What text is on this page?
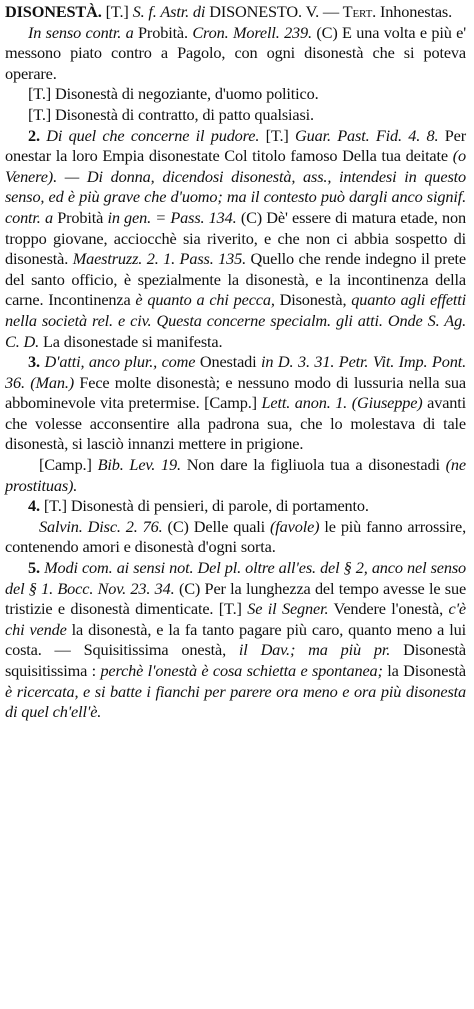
DISONESTÀ. [T.] S. f. Astr. di DISONESTO. V. — Tert. Inhonestas.

In senso contr. a Probità. Cron. Morell. 239. (C) E una volta e più e' messono piato contro a Pagolo, con ogni disonestà che si poteva operare.

[T.] Disonestà di negoziante, d'uomo politico.

[T.] Disonestà di contratto, di patto qualsiasi.

2. Di quel che concerne il pudore. [T.] Guar. Past. Fid. 4. 8. Per onestar la loro Empia disonestate Col titolo famoso Della tua deitate (o Venere). — Di donna, dicendosi disonestà, ass., intendesi in questo senso, ed è più grave che d'uomo; ma il contesto può dargli anco signif. contr. a Probità in gen. = Pass. 134. (C) Dè' essere di matura etade, non troppo giovane, acciocchè sia riverito, e che non ci abbia sospetto di disonestà. Maestruzz. 2. 1. Pass. 135. Quello che rende indegno il prete del santo officio, è spezialmente la disonestà, e la incontinenza della carne. Incontinenza è quanto a chi pecca, Disonestà, quanto agli effetti nella società rel. e civ. Questa concerne specialm. gli atti. Onde S. Ag. C. D. La disonestade si manifesta.

3. D'atti, anco plur., come Onestadi in D. 3. 31. Petr. Vit. Imp. Pont. 36. (Man.) Fece molte disonestà; e nessuno modo di lussuria nella sua abbominevole vita pretermise. [Camp.] Lett. anon. 1. (Giuseppe) avanti che volesse acconsentire alla padrona sua, che lo molestava di tale disonestà, si lasciò innanzi mettere in prigione.

[Camp.] Bib. Lev. 19. Non dare la figliuola tua a disonestadi (ne prostituas).

4. [T.] Disonestà di pensieri, di parole, di portamento.

Salvin. Disc. 2. 76. (C) Delle quali (favole) le più fanno arrossire, contenendo amori e disonestà d'ogni sorta.

5. Modi com. ai sensi not. Del pl. oltre all'es. del § 2, anco nel senso del § 1. Bocc. Nov. 23. 34. (C) Per la lunghezza del tempo avesse le sue tristizie e disonestà dimenticate. [T.] Se il Segner. Vendere l'onestà, c'è chi vende la disonestà, e la fa tanto pagare più caro, quanto meno a lui costa. — Squisitissima onestà, il Dav.; ma più pr. Disonestà squisitissima : perchè l'onestà è cosa schietta e spontanea; la Disonestà è ricercata, e si batte i fianchi per parere ora meno e ora più disonesta di quel ch'ell'è.
